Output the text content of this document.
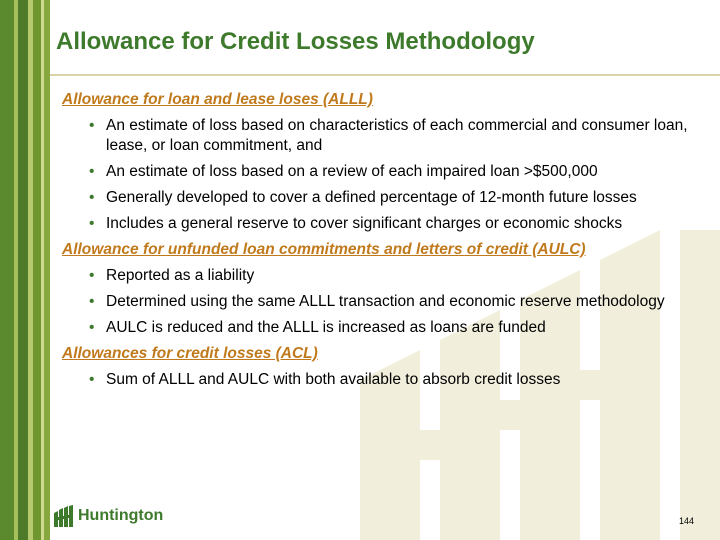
Allowance for Credit Losses Methodology

Allowance for loan and lease loses (ALLL)

• An estimate of loss based on characteristics of each commercial and consumer loan, lease, or loan commitment, and
• An estimate of loss based on a review of each impaired loan >$500,000
• Generally developed to cover a defined percentage of 12-month future losses
• Includes a general reserve to cover significant charges or economic shocks

Allowance for unfunded loan commitments and letters of credit (AULC)

• Reported as a liability
• Determined using the same ALLL transaction and economic reserve methodology
• AULC is reduced and the ALLL is increased as loans are funded

Allowances for credit losses (ACL)

• Sum of ALLL and AULC with both available to absorb credit losses
Huntington	144
